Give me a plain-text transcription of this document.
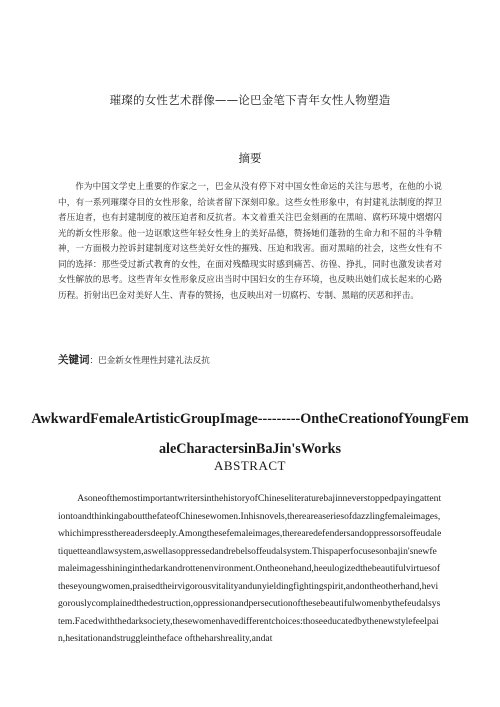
璀璨的女性艺术群像——论巴金笔下青年女性人物塑造
摘要
作为中国文学史上重要的作家之一，巴金从没有停下对中国女性命运的关注与思考，在他的小说中，有一系列璀璨夺目的女性形象，给读者留下深刻印象。这些女性形象中，有封建礼法制度的捍卫者压迫者，也有封建制度的被压迫者和反抗者。本文着重关注巴金刻画的在黑暗、腐朽环境中熠熠闪光的新女性形象。他一边讴歌这些年轻女性身上的美好品德，赞扬她们蓬勃的生命力和不屈的斗争精神，一方面极力控诉封建制度对这些美好女性的摧残、压迫和戕害。面对黑暗的社会，这些女性有不同的选择：那些受过新式教育的女性，在面对残酷现实时感到痛苦、彷徨、挣扎，同时也激发读者对女性解放的思考。这些青年女性形象反应出当时中国妇女的生存环境，也反映出她们成长起来的心路历程。折射出巴金对美好人生、青春的赞扬，也反映出对一切腐朽、专制、黑暗的厌恶和抨击。
关键词：巴金新女性理性封建礼法反抗
AwkwardFemaleArtisticGroupImage---------OntheCreationofYoungFemaleCharactersinBaJin'sWorks
ABSTRACT
AsoneofthemostimportantwritersinthehistoryofChineseliteraturebajinneverstoppedpayingattentiontoandthinkingaboutthefateofChinesewomen.Inhisnovels,thereareaseriesofdazzlingfemaleimages,whichimpressthereadersdeeply.Amongthesefemaleimages,therearedefendersandoppressorsoffeudaletiquetteandlawsystem,aswellasoppressedandrebelsoffeudalsystem.Thispaperfocusesonbajin'snewfemaleimagesshininginthedarkandrottenenvironment.Ontheonehand,heeulogizedthebeautifulvirtuesoftheseyoungwomen,praisedtheirvigorousvitalityandunyieldingfightingspirit,andontheotherhand,hevigorouslycomplainedthedestruction,oppressionandpersecutionofthesebeautifulwomenbythefeudalsystem.Facedwiththedarksociety,thesewomenhavedifferentchoices:thoseeducatedbythenewstylefeelpain,hesitationandstruggleintheface oftheharshreality,andat
